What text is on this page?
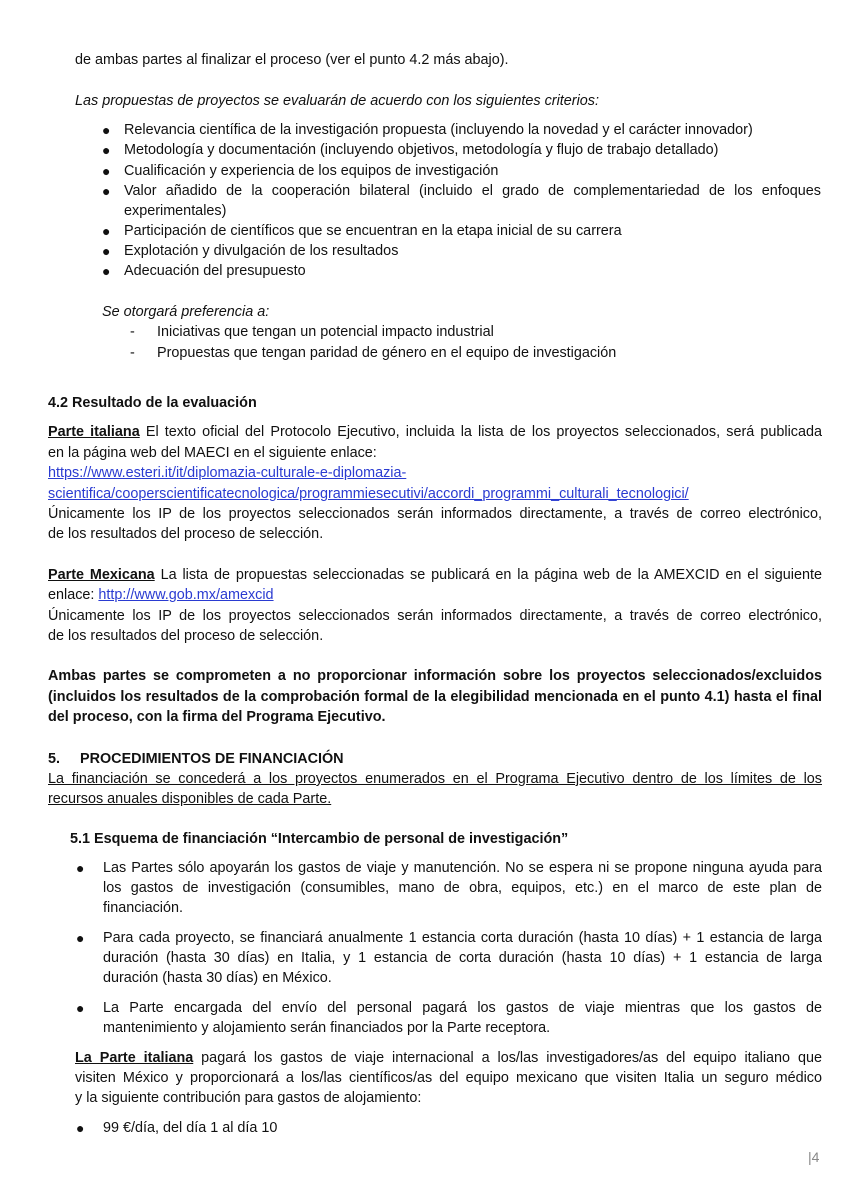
de ambas partes al finalizar el proceso (ver el punto 4.2 más abajo).
Las propuestas de proyectos se evaluarán de acuerdo con los siguientes criterios:
● Relevancia científica de la investigación propuesta (incluyendo la novedad y el carácter innovador)
● Metodología y documentación (incluyendo objetivos, metodología y flujo de trabajo detallado)
● Cualificación y experiencia de los equipos de investigación
● Valor añadido de la cooperación bilateral (incluido el grado de complementariedad de los enfoques
experimentales)
● Participación de científicos que se encuentran en la etapa inicial de su carrera
● Explotación y divulgación de los resultados
● Adecuación del presupuesto
Se otorgará preferencia a:
- Iniciativas que tengan un potencial impacto industrial
- Propuestas que tengan paridad de género en el equipo de investigación
4.2 Resultado de la evaluación
Parte italiana El texto oficial del Protocolo Ejecutivo, incluida la lista de los proyectos seleccionados, será publicada
en la página web del MAECI en el siguiente enlace:
https://www.esteri.it/it/diplomazia-culturale-e-diplomazia-
scientifica/cooperscientificatecnologica/programmiesecutivi/accordi_programmi_culturali_tecnologici/
Únicamente los IP de los proyectos seleccionados serán informados directamente, a través de correo electrónico,
de los resultados del proceso de selección.
Parte Mexicana La lista de propuestas seleccionadas se publicará en la página web de la AMEXCID en el siguiente
enlace: http://www.gob.mx/amexcid
Únicamente los IP de los proyectos seleccionados serán informados directamente, a través de correo electrónico,
de los resultados del proceso de selección.
Ambas partes se comprometen a no proporcionar información sobre los proyectos seleccionados/excluidos
(incluidos los resultados de la comprobación formal de la elegibilidad mencionada en el punto 4.1) hasta el final
del proceso, con la firma del Programa Ejecutivo.
5. PROCEDIMIENTOS DE FINANCIACIÓN
La financiación se concederá a los proyectos enumerados en el Programa Ejecutivo dentro de los límites de los
recursos anuales disponibles de cada Parte.
5.1 Esquema de financiación “Intercambio de personal de investigación”
● Las Partes sólo apoyarán los gastos de viaje y manutención. No se espera ni se propone ninguna ayuda para
los gastos de investigación (consumibles, mano de obra, equipos, etc.) en el marco de este plan de
financiación.
● Para cada proyecto, se financiará anualmente 1 estancia corta duración (hasta 10 días) + 1 estancia de larga
duración (hasta 30 días) en Italia, y 1 estancia de corta duración (hasta 10 días) + 1 estancia de larga
duración (hasta 30 días) en México.
● La Parte encargada del envío del personal pagará los gastos de viaje mientras que los gastos de
mantenimiento y alojamiento serán financiados por la Parte receptora.
La Parte italiana pagará los gastos de viaje internacional a los/las investigadores/as del equipo italiano que
visiten México y proporcionará a los/las científicos/as del equipo mexicano que visiten Italia un seguro médico
y la siguiente contribución para gastos de alojamiento:
● 99 €/día, del día 1 al día 10
|4
